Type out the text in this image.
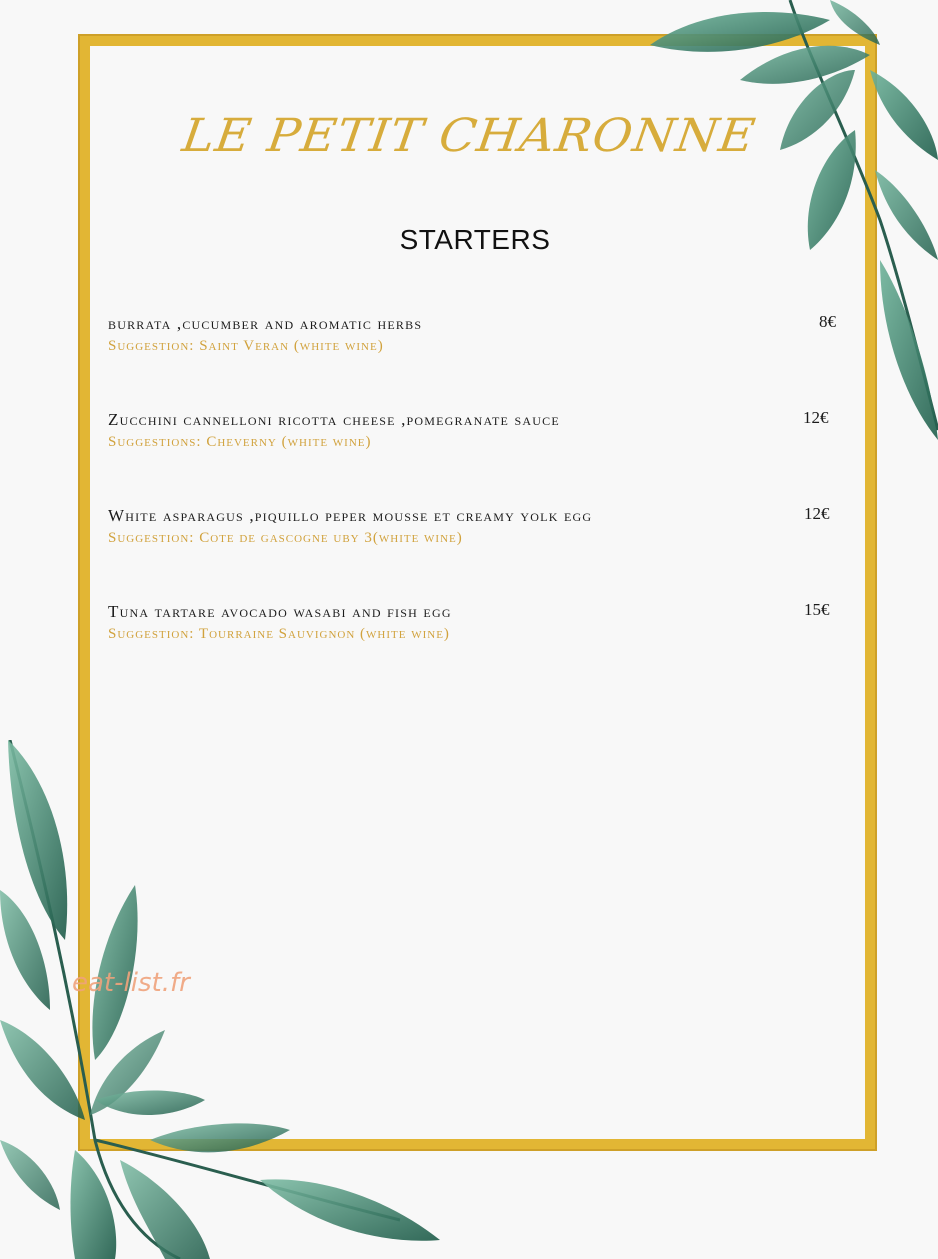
LE PETIT CHARONNE
STARTERS
burrata ,cucumber and aromatic herbs
Suggestion: Saint Veran (white wine)
8€
Zucchini cannelloni ricotta cheese ,pomegranate sauce
Suggestions: Cheverny (white wine)
12€
White asparagus ,piquillo peper mousse et creamy yolk egg
Suggestion: Cote de gascogne uby 3(white wine)
12€
Tuna tartare avocado wasabi and fish egg
Suggestion: Tourraine Sauvignon (white wine)
15€
eat-list.fr
